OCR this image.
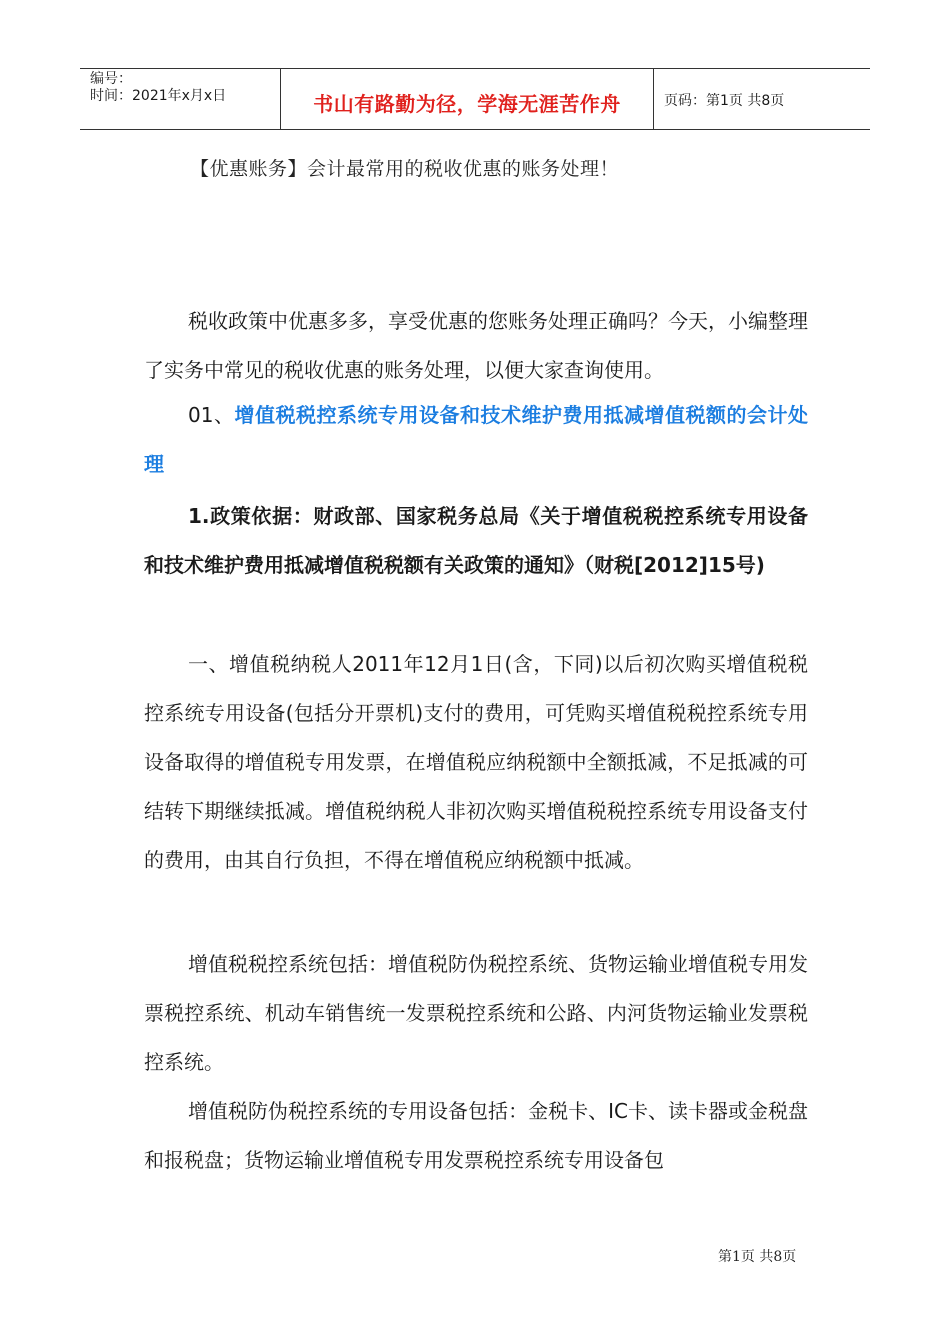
编号：
时间：2021年x月x日	书山有路勤为径，学海无涯苦作舟	页码：第1页 共8页
【优惠账务】会计最常用的税收优惠的账务处理！

税收政策中优惠多多，享受优惠的您账务处理正确吗？今天，小编整理了实务中常见的税收优惠的账务处理，以便大家查询使用。

01、增值税税控系统专用设备和技术维护费用抵减增值税额的会计处理

1.政策依据：财政部、国家税务总局《关于增值税税控系统专用设备和技术维护费用抵减增值税税额有关政策的通知》（财税[2012]15号)

一、增值税纳税人2011年12月1日(含，下同)以后初次购买增值税税控系统专用设备(包括分开票机)支付的费用，可凭购买增值税税控系统专用设备取得的增值税专用发票，在增值税应纳税额中全额抵减，不足抵减的可结转下期继续抵减。增值税纳税人非初次购买增值税税控系统专用设备支付的费用，由其自行负担，不得在增值税应纳税额中抵减。

增值税税控系统包括：增值税防伪税控系统、货物运输业增值税专用发票税控系统、机动车销售统一发票税控系统和公路、内河货物运输业发票税控系统。

增值税防伪税控系统的专用设备包括：金税卡、IC卡、读卡器或金税盘和报税盘；货物运输业增值税专用发票税控系统专用设备包

第1页 共8页
